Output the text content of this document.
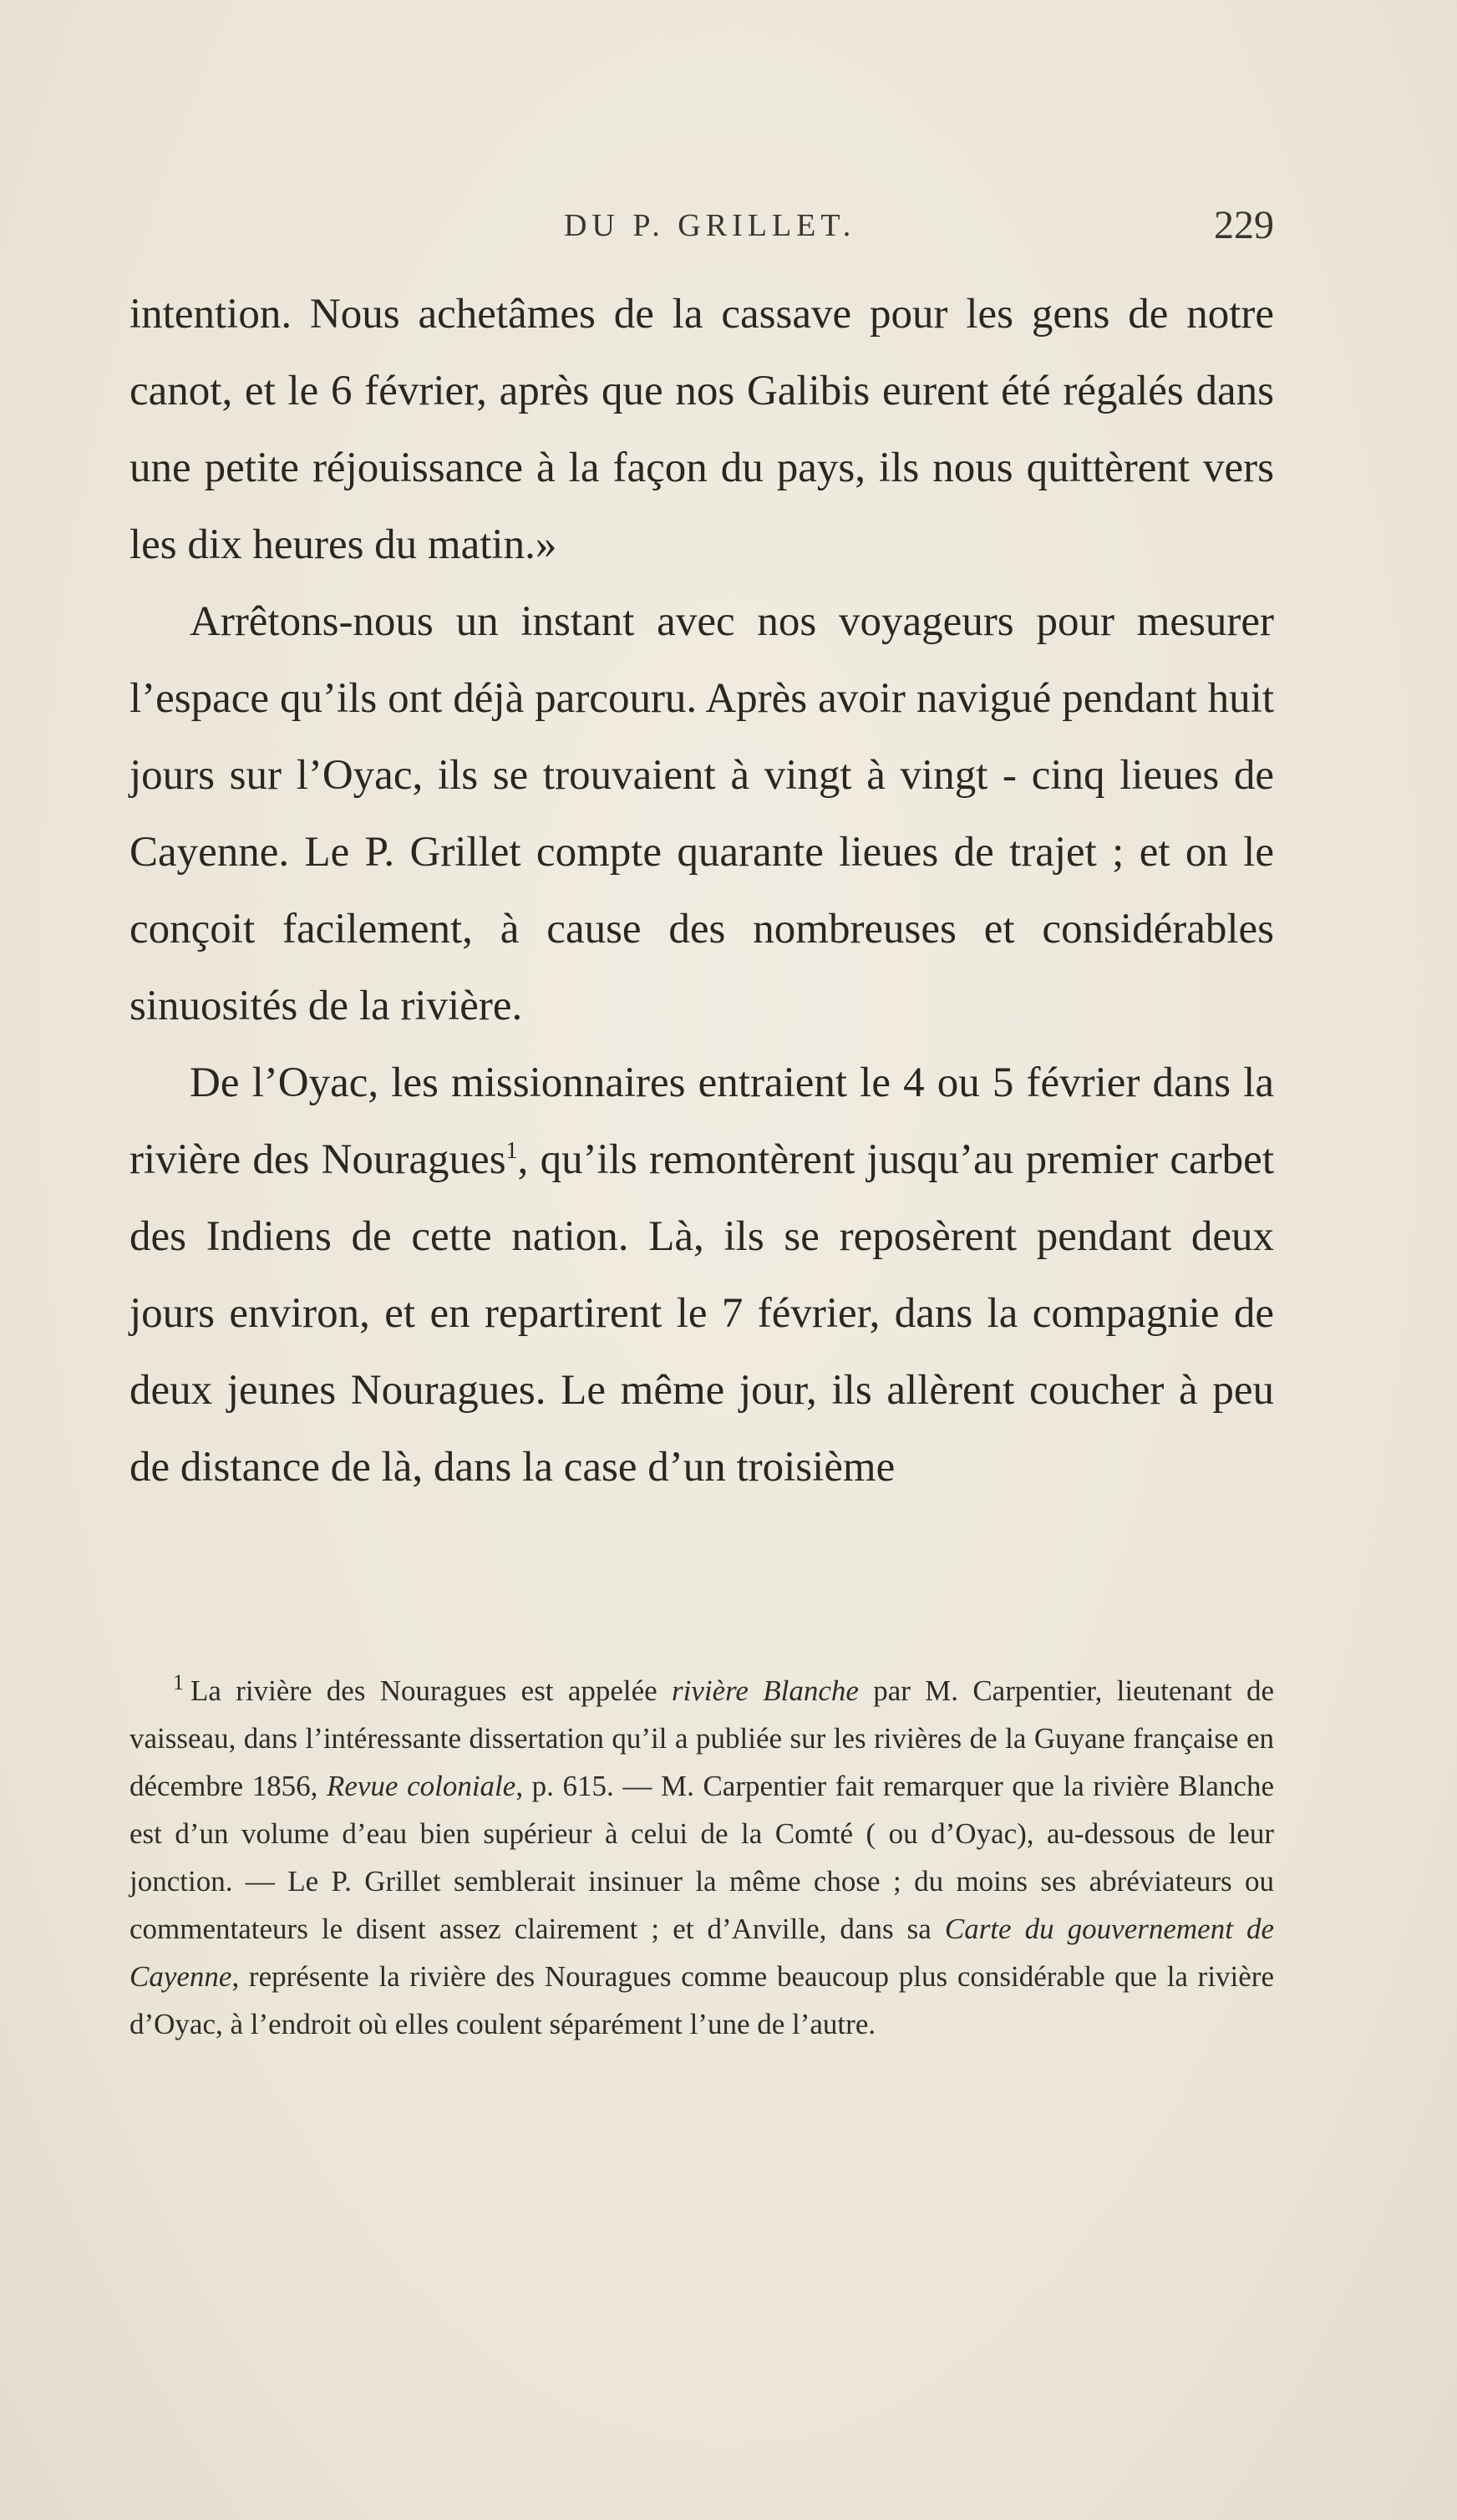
DU P. GRILLET.	229

intention. Nous achetâmes de la cassave pour les gens de notre canot, et le 6 février, après que nos Galibis eurent été régalés dans une petite réjouissance à la façon du pays, ils nous quittèrent vers les dix heures du matin.»

Arrêtons-nous un instant avec nos voyageurs pour mesurer l’espace qu’ils ont déjà parcouru. Après avoir navigué pendant huit jours sur l’Oyac, ils se trouvaient à vingt à vingt - cinq lieues de Cayenne. Le P. Grillet compte quarante lieues de trajet ; et on le conçoit facilement, à cause des nombreuses et considérables sinuosités de la rivière.

De l’Oyac, les missionnaires entraient le 4 ou 5 février dans la rivière des Nouragues$^1$, qu’ils remontèrent jusqu’au premier carbet des Indiens de cette nation. Là, ils se reposèrent pendant deux jours environ, et en repartirent le 7 février, dans la compagnie de deux jeunes Nouragues. Le même jour, ils allèrent coucher à peu de distance de là, dans la case d’un troisième

$^1$ La rivière des Nouragues est appelée rivière Blanche par M. Carpentier, lieutenant de vaisseau, dans l’intéressante dissertation qu’il a publiée sur les rivières de la Guyane française en décembre 1856, Revue coloniale, p. 615. — M. Carpentier fait remarquer que la rivière Blanche est d’un volume d’eau bien supérieur à celui de la Comté ( ou d’Oyac), au-dessous de leur jonction. — Le P. Grillet semblerait insinuer la même chose ; du moins ses abréviateurs ou commentateurs le disent assez clairement ; et d’Anville, dans sa Carte du gouvernement de Cayenne, représente la rivière des Nouragues comme beaucoup plus considérable que la rivière d’Oyac, à l’endroit où elles coulent séparément l’une de l’autre.
